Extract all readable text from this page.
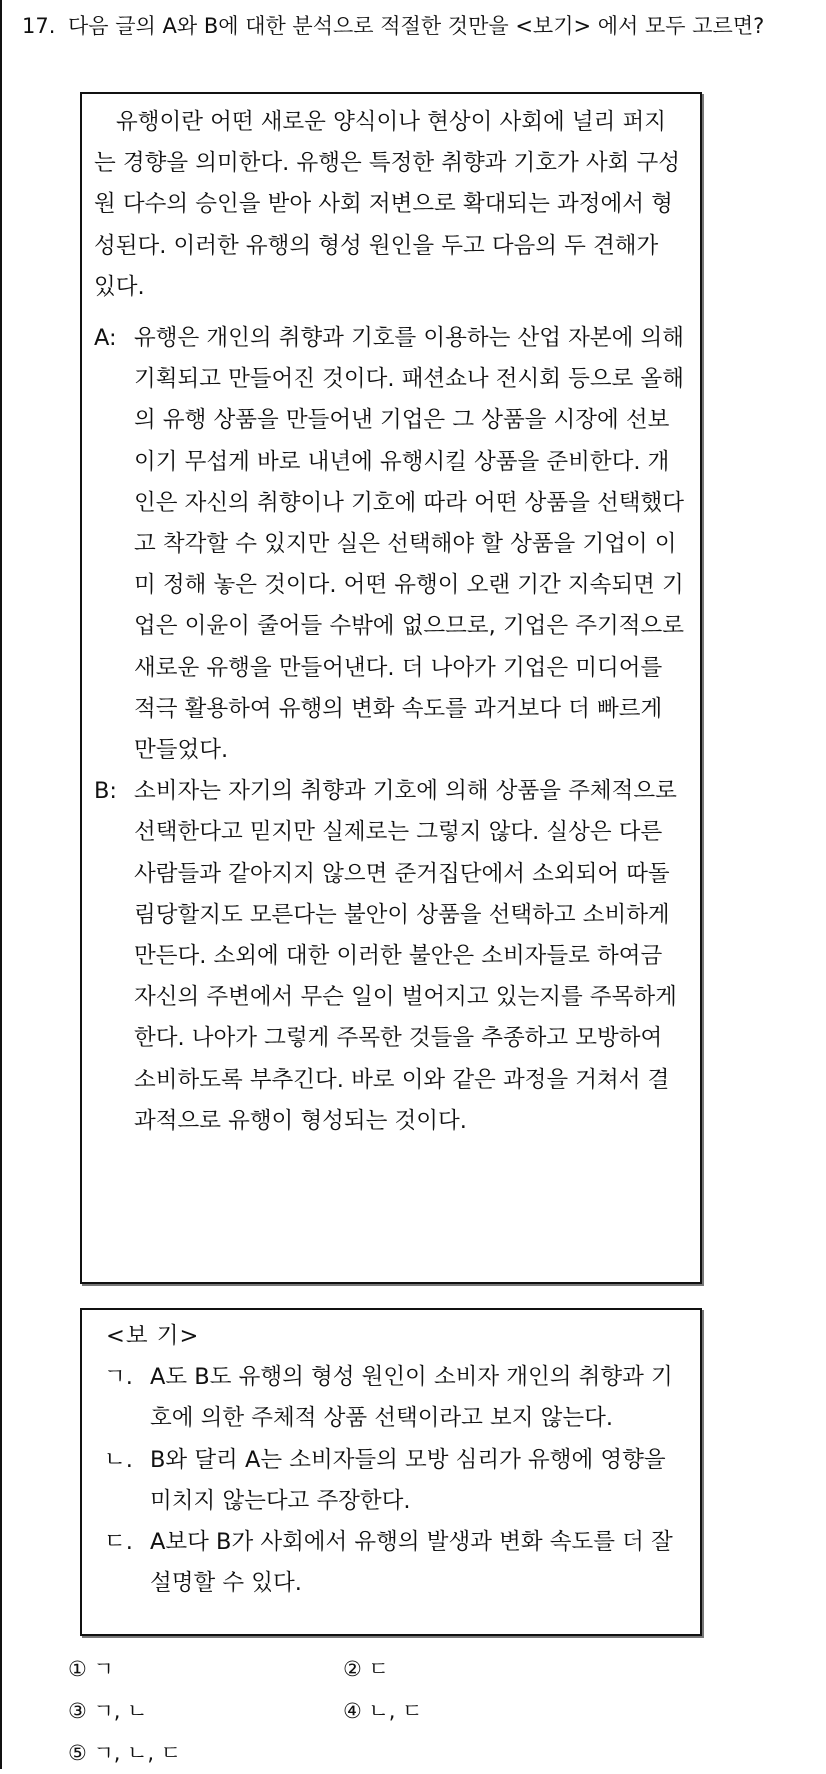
17. 다음 글의 A와 B에 대한 분석으로 적절한 것만을 <보기> 에서 모두 고르면?

유행이란 어떤 새로운 양식이나 현상이 사회에 널리 퍼지는 경향을 의미한다. 유행은 특정한 취향과 기호가 사회 구성원 다수의 승인을 받아 사회 저변으로 확대되는 과정에서 형성된다. 이러한 유행의 형성 원인을 두고 다음의 두 견해가 있다.

A: 유행은 개인의 취향과 기호를 이용하는 산업 자본에 의해 기획되고 만들어진 것이다. 패션쇼나 전시회 등으로 올해의 유행 상품을 만들어낸 기업은 그 상품을 시장에 선보이기 무섭게 바로 내년에 유행시킬 상품을 준비한다. 개인은 자신의 취향이나 기호에 따라 어떤 상품을 선택했다고 착각할 수 있지만 실은 선택해야 할 상품을 기업이 이미 정해 놓은 것이다. 어떤 유행이 오랜 기간 지속되면 기업은 이윤이 줄어들 수밖에 없으므로, 기업은 주기적으로 새로운 유행을 만들어낸다. 더 나아가 기업은 미디어를 적극 활용하여 유행의 변화 속도를 과거보다 더 빠르게 만들었다.
B: 소비자는 자기의 취향과 기호에 의해 상품을 주체적으로 선택한다고 믿지만 실제로는 그렇지 않다. 실상은 다른 사람들과 같아지지 않으면 준거집단에서 소외되어 따돌림당할지도 모른다는 불안이 상품을 선택하고 소비하게 만든다. 소외에 대한 이러한 불안은 소비자들로 하여금 자신의 주변에서 무슨 일이 벌어지고 있는지를 주목하게 한다. 나아가 그렇게 주목한 것들을 추종하고 모방하여 소비하도록 부추긴다. 바로 이와 같은 과정을 거쳐서 결과적으로 유행이 형성되는 것이다.
<보 기>
ㄱ. A도 B도 유행의 형성 원인이 소비자 개인의 취향과 기호에 의한 주체적 상품 선택이라고 보지 않는다.
ㄴ. B와 달리 A는 소비자들의 모방 심리가 유행에 영향을 미치지 않는다고 주장한다.
ㄷ. A보다 B가 사회에서 유행의 발생과 변화 속도를 더 잘 설명할 수 있다.
① ㄱ	② ㄷ
③ ㄱ, ㄴ	④ ㄴ, ㄷ
⑤ ㄱ, ㄴ, ㄷ
